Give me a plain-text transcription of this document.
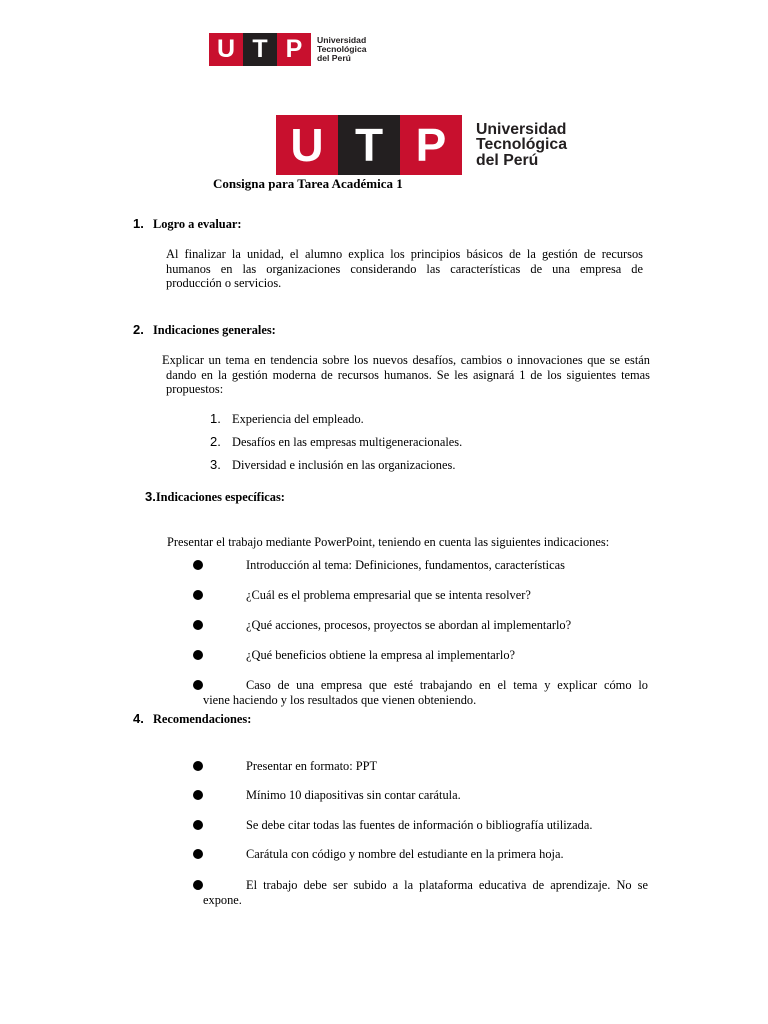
U T P Universidad
Tecnológica
del Perú
U T P Universidad
Tecnológica
del Perú
Consigna para Tarea Académica 1
1. Logro a evaluar:
Al finalizar la unidad, el alumno explica los principios básicos de la gestión de recursos
humanos en las organizaciones considerando las características de una empresa de
producción o servicios.
2. Indicaciones generales:
Explicar un tema en tendencia sobre los nuevos desafíos, cambios o innovaciones que se están
dando en la gestión moderna de recursos humanos. Se les asignará 1 de los siguientes temas
propuestos:
1. Experiencia del empleado.
2. Desafíos en las empresas multigeneracionales.
3. Diversidad e inclusión en las organizaciones.
3.Indicaciones específicas:
Presentar el trabajo mediante PowerPoint, teniendo en cuenta las siguientes indicaciones:
Introducción al tema: Definiciones, fundamentos, características
¿Cuál es el problema empresarial que se intenta resolver?
¿Qué acciones, procesos, proyectos se abordan al implementarlo?
¿Qué beneficios obtiene la empresa al implementarlo?
Caso de una empresa que esté trabajando en el tema y explicar cómo lo
viene haciendo y los resultados que vienen obteniendo.
4. Recomendaciones:
Presentar en formato: PPT
Mínimo 10 diapositivas sin contar carátula.
Se debe citar todas las fuentes de información o bibliografía utilizada.
Carátula con código y nombre del estudiante en la primera hoja.
El trabajo debe ser subido a la plataforma educativa de aprendizaje. No se
expone.
